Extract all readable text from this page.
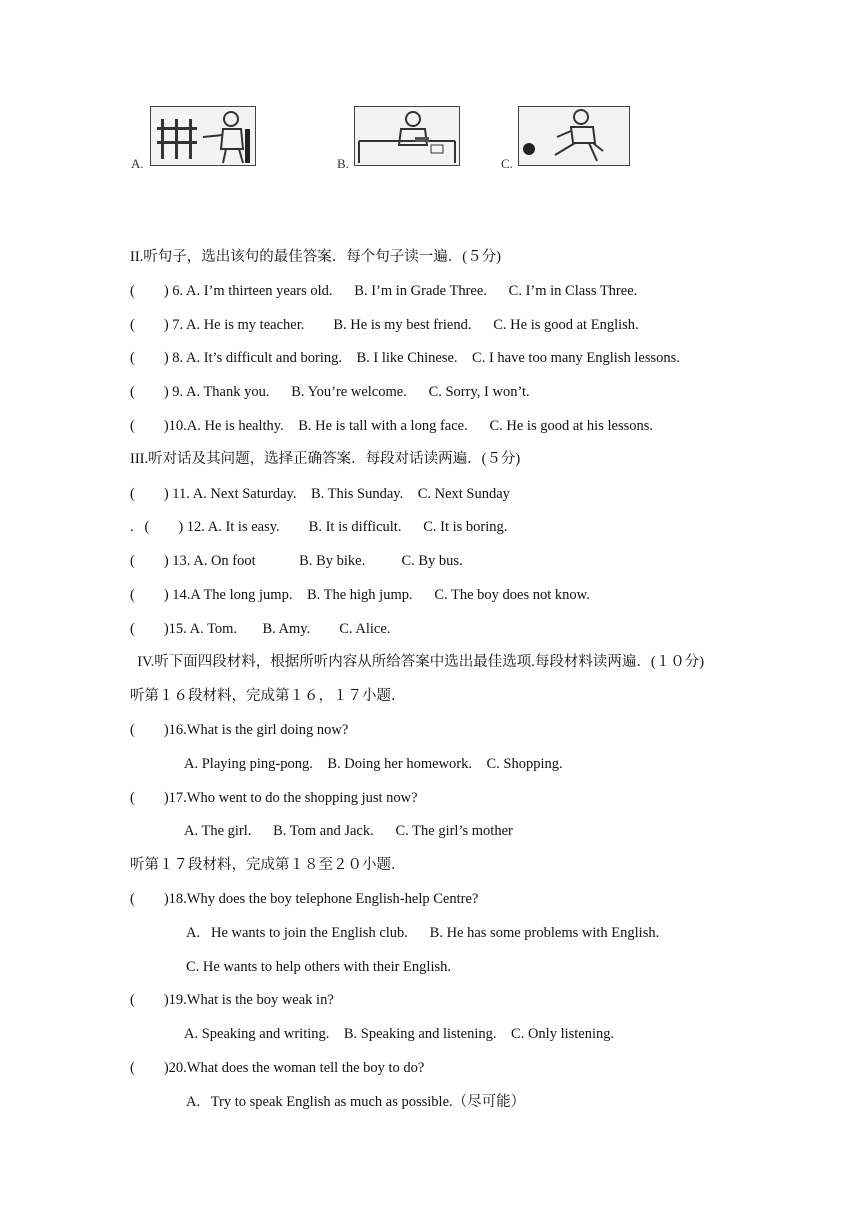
A.	B.	C.
II.听句子，选出该句的最佳答案．每个句子读一遍．(５分)
(        ) 6. A. I’m thirteen years old.      B. I’m in Grade Three.      C. I’m in Class Three.
(        ) 7. A. He is my teacher.        B. He is my best friend.      C. He is good at English.
(        ) 8. A. It’s difficult and boring.    B. I like Chinese.    C. I have too many English lessons.
(        ) 9. A. Thank you.      B. You’re welcome.      C. Sorry, I won’t.
(        )10.A. He is healthy.    B. He is tall with a long face.      C. He is good at his lessons.
III.听对话及其问题，选择正确答案．每段对话读两遍．(５分)
(        ) 11. A. Next Saturday.    B. This Sunday.    C. Next Sunday
.   (        ) 12. A. It is easy.        B. It is difficult.      C. It is boring.
(        ) 13. A. On foot            B. By bike.          C. By bus.
(        ) 14.A The long jump.    B. The high jump.      C. The boy does not know.
(        )15. A. Tom.       B. Amy.        C. Alice.
IV.听下面四段材料，根据所听内容从所给答案中选出最佳选项.每段材料读两遍．(１０分)
听第１６段材料，完成第１６，１７小题．
(        )16.What is the girl doing now?
A. Playing ping-pong.    B. Doing her homework.    C. Shopping.
(        )17.Who went to do the shopping just now?
A. The girl.      B. Tom and Jack.      C. The girl’s mother
听第１７段材料，完成第１８至２０小题．
(        )18.Why does the boy telephone English-help Centre?
A.   He wants to join the English club.      B. He has some problems with English.
C. He wants to help others with their English.
(        )19.What is the boy weak in?
A. Speaking and writing.    B. Speaking and listening.    C. Only listening.
(        )20.What does the woman tell the boy to do?
A.   Try to speak English as much as possible.（尽可能）
